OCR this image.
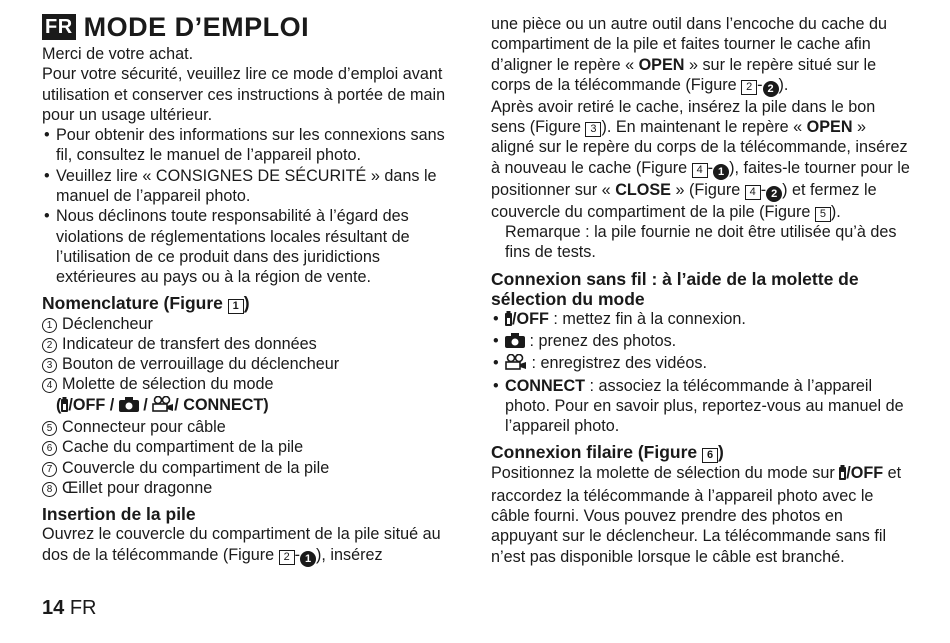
FR MODE D’EMPLOI
Merci de votre achat.
Pour votre sécurité, veuillez lire ce mode d’emploi avant utilisation et conserver ces instructions à portée de main pour un usage ultérieur.
• Pour obtenir des informations sur les connexions sans fil, consultez le manuel de l’appareil photo.
• Veuillez lire « CONSIGNES DE SÉCURITÉ » dans le manuel de l’appareil photo.
• Nous déclinons toute responsabilité à l’égard des violations de réglementations locales résultant de l’utilisation de ce produit dans des juridictions extérieures au pays ou à la région de vente.
Nomenclature (Figure 1 )
1 Déclencheur
2 Indicateur de transfert des données
3 Bouton de verrouillage du déclencheur
4 Molette de sélection du mode
( /OFF /  / / CONNECT)
5 Connecteur pour câble
6 Cache du compartiment de la pile
7 Couvercle du compartiment de la pile
8 Œillet pour dragonne
Insertion de la pile
Ouvrez le couvercle du compartiment de la pile situé au dos de la télécommande (Figure 2 - 1 ), insérez
une pièce ou un autre outil dans l’encoche du cache du compartiment de la pile et faites tourner le cache afin d’aligner le repère « OPEN » sur le repère situé sur le corps de la télécommande (Figure 2 - 2 ).
Après avoir retiré le cache, insérez la pile dans le bon sens (Figure 3 ). En maintenant le repère « OPEN » aligné sur le repère du corps de la télécommande, insérez à nouveau le cache (Figure 4 - 1 ), faites-le tourner pour le positionner sur « CLOSE » (Figure 4 - 2 ) et fermez le couvercle du compartiment de la pile (Figure 5 ).
Remarque : la pile fournie ne doit être utilisée qu’à des fins de tests.
Connexion sans fil : à l’aide de la molette de sélection du mode
• /OFF : mettez fin à la connexion.
• : prenez des photos.
• : enregistrez des vidéos.
• CONNECT : associez la télécommande à l’appareil photo. Pour en savoir plus, reportez-vous au manuel de l’appareil photo.
Connexion filaire (Figure 6 )
Positionnez la molette de sélection du mode sur /OFF et raccordez la télécommande à l’appareil photo avec le câble fourni. Vous pouvez prendre des photos en appuyant sur le déclencheur. La télécommande sans fil n’est pas disponible lorsque le câble est branché.
14 FR
